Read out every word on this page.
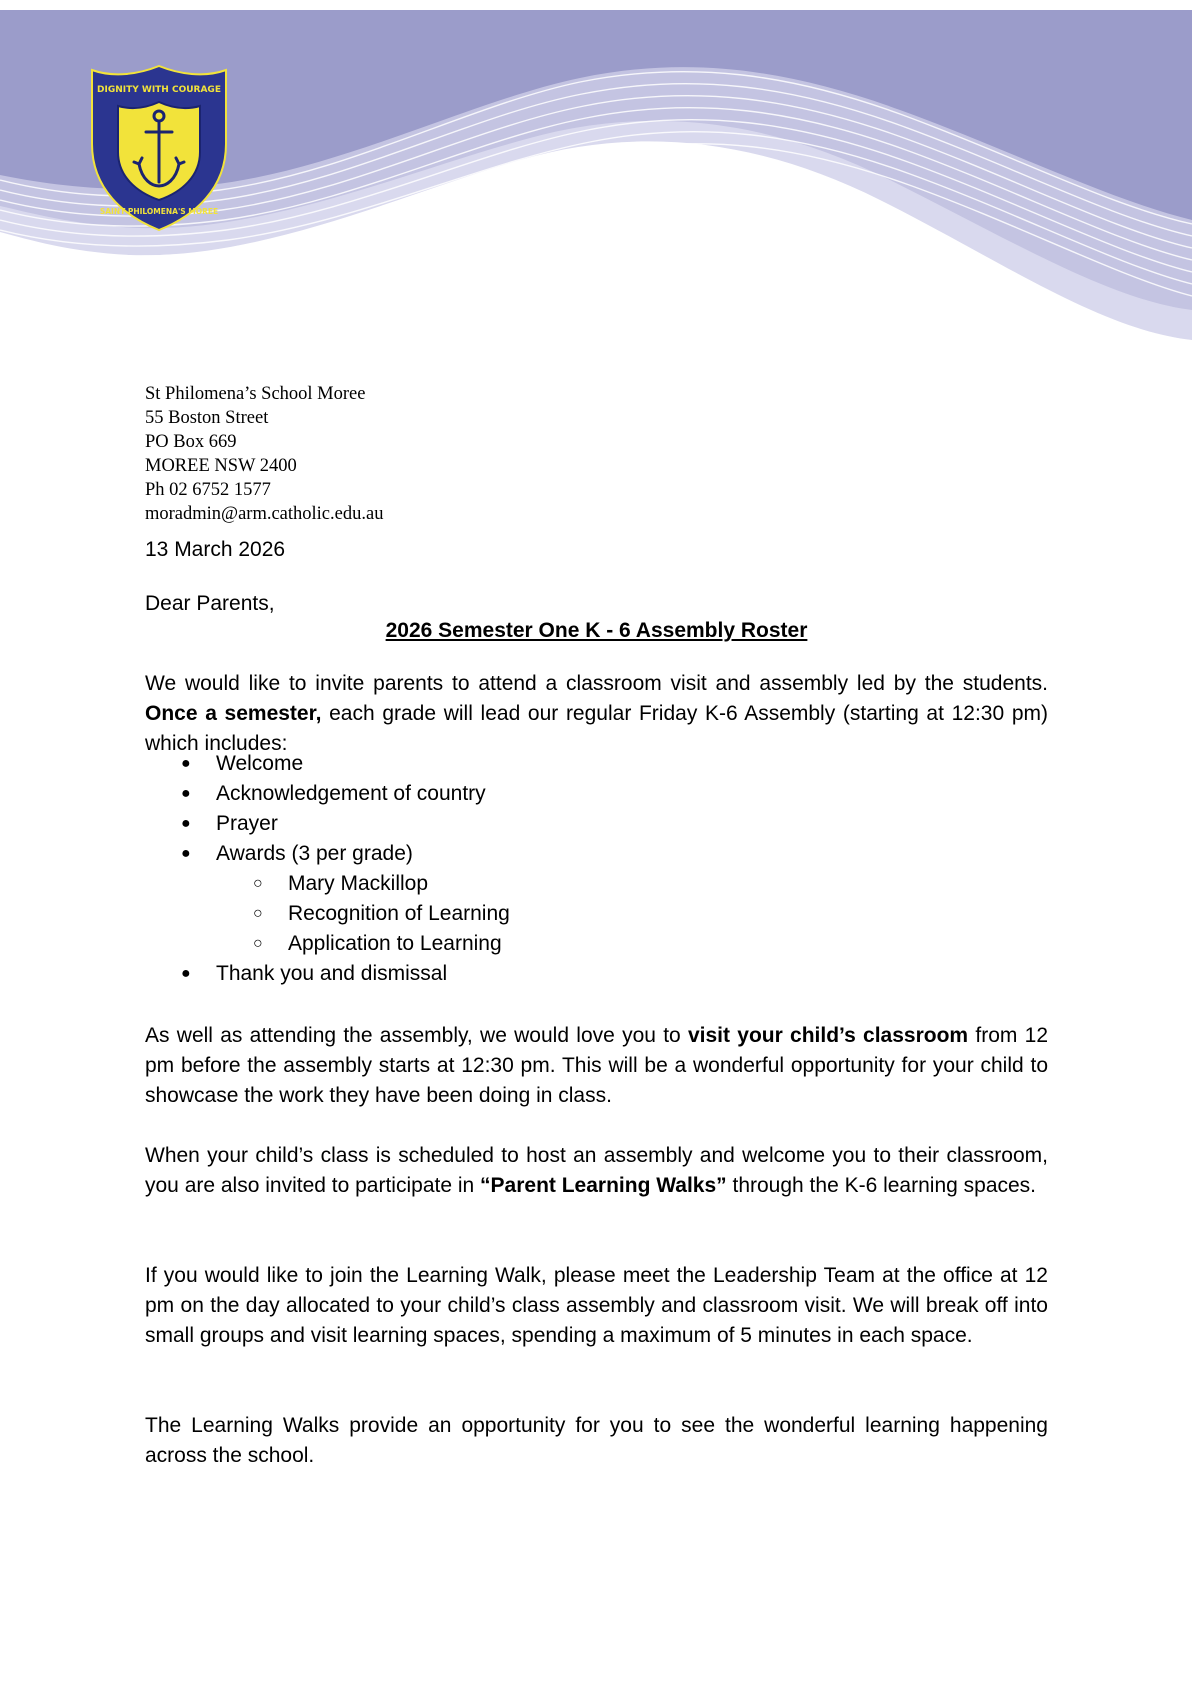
DIGNITY WITH COURAGE
SAINT PHILOMENA'S MOREE
St Philomena’s School Moree
55 Boston Street
PO Box 669
MOREE NSW 2400
Ph 02 6752 1577
moradmin@arm.catholic.edu.au
13 March 2026
Dear Parents,
2026 Semester One K - 6 Assembly Roster
We would like to invite parents to attend a classroom visit and assembly led by the students. Once a semester, each grade will lead our regular Friday K-6 Assembly (starting at 12:30 pm) which includes:
● Welcome
● Acknowledgement of country
● Prayer
● Awards (3 per grade)
○ Mary Mackillop
○ Recognition of Learning
○ Application to Learning
● Thank you and dismissal
As well as attending the assembly, we would love you to visit your child’s classroom from 12 pm before the assembly starts at 12:30 pm. This will be a wonderful opportunity for your child to showcase the work they have been doing in class.
When your child’s class is scheduled to host an assembly and welcome you to their classroom, you are also invited to participate in “Parent Learning Walks” through the K-6 learning spaces.
If you would like to join the Learning Walk, please meet the Leadership Team at the office at 12 pm on the day allocated to your child’s class assembly and classroom visit. We will break off into small groups and visit learning spaces, spending a maximum of 5 minutes in each space.
The Learning Walks provide an opportunity for you to see the wonderful learning happening across the school.
